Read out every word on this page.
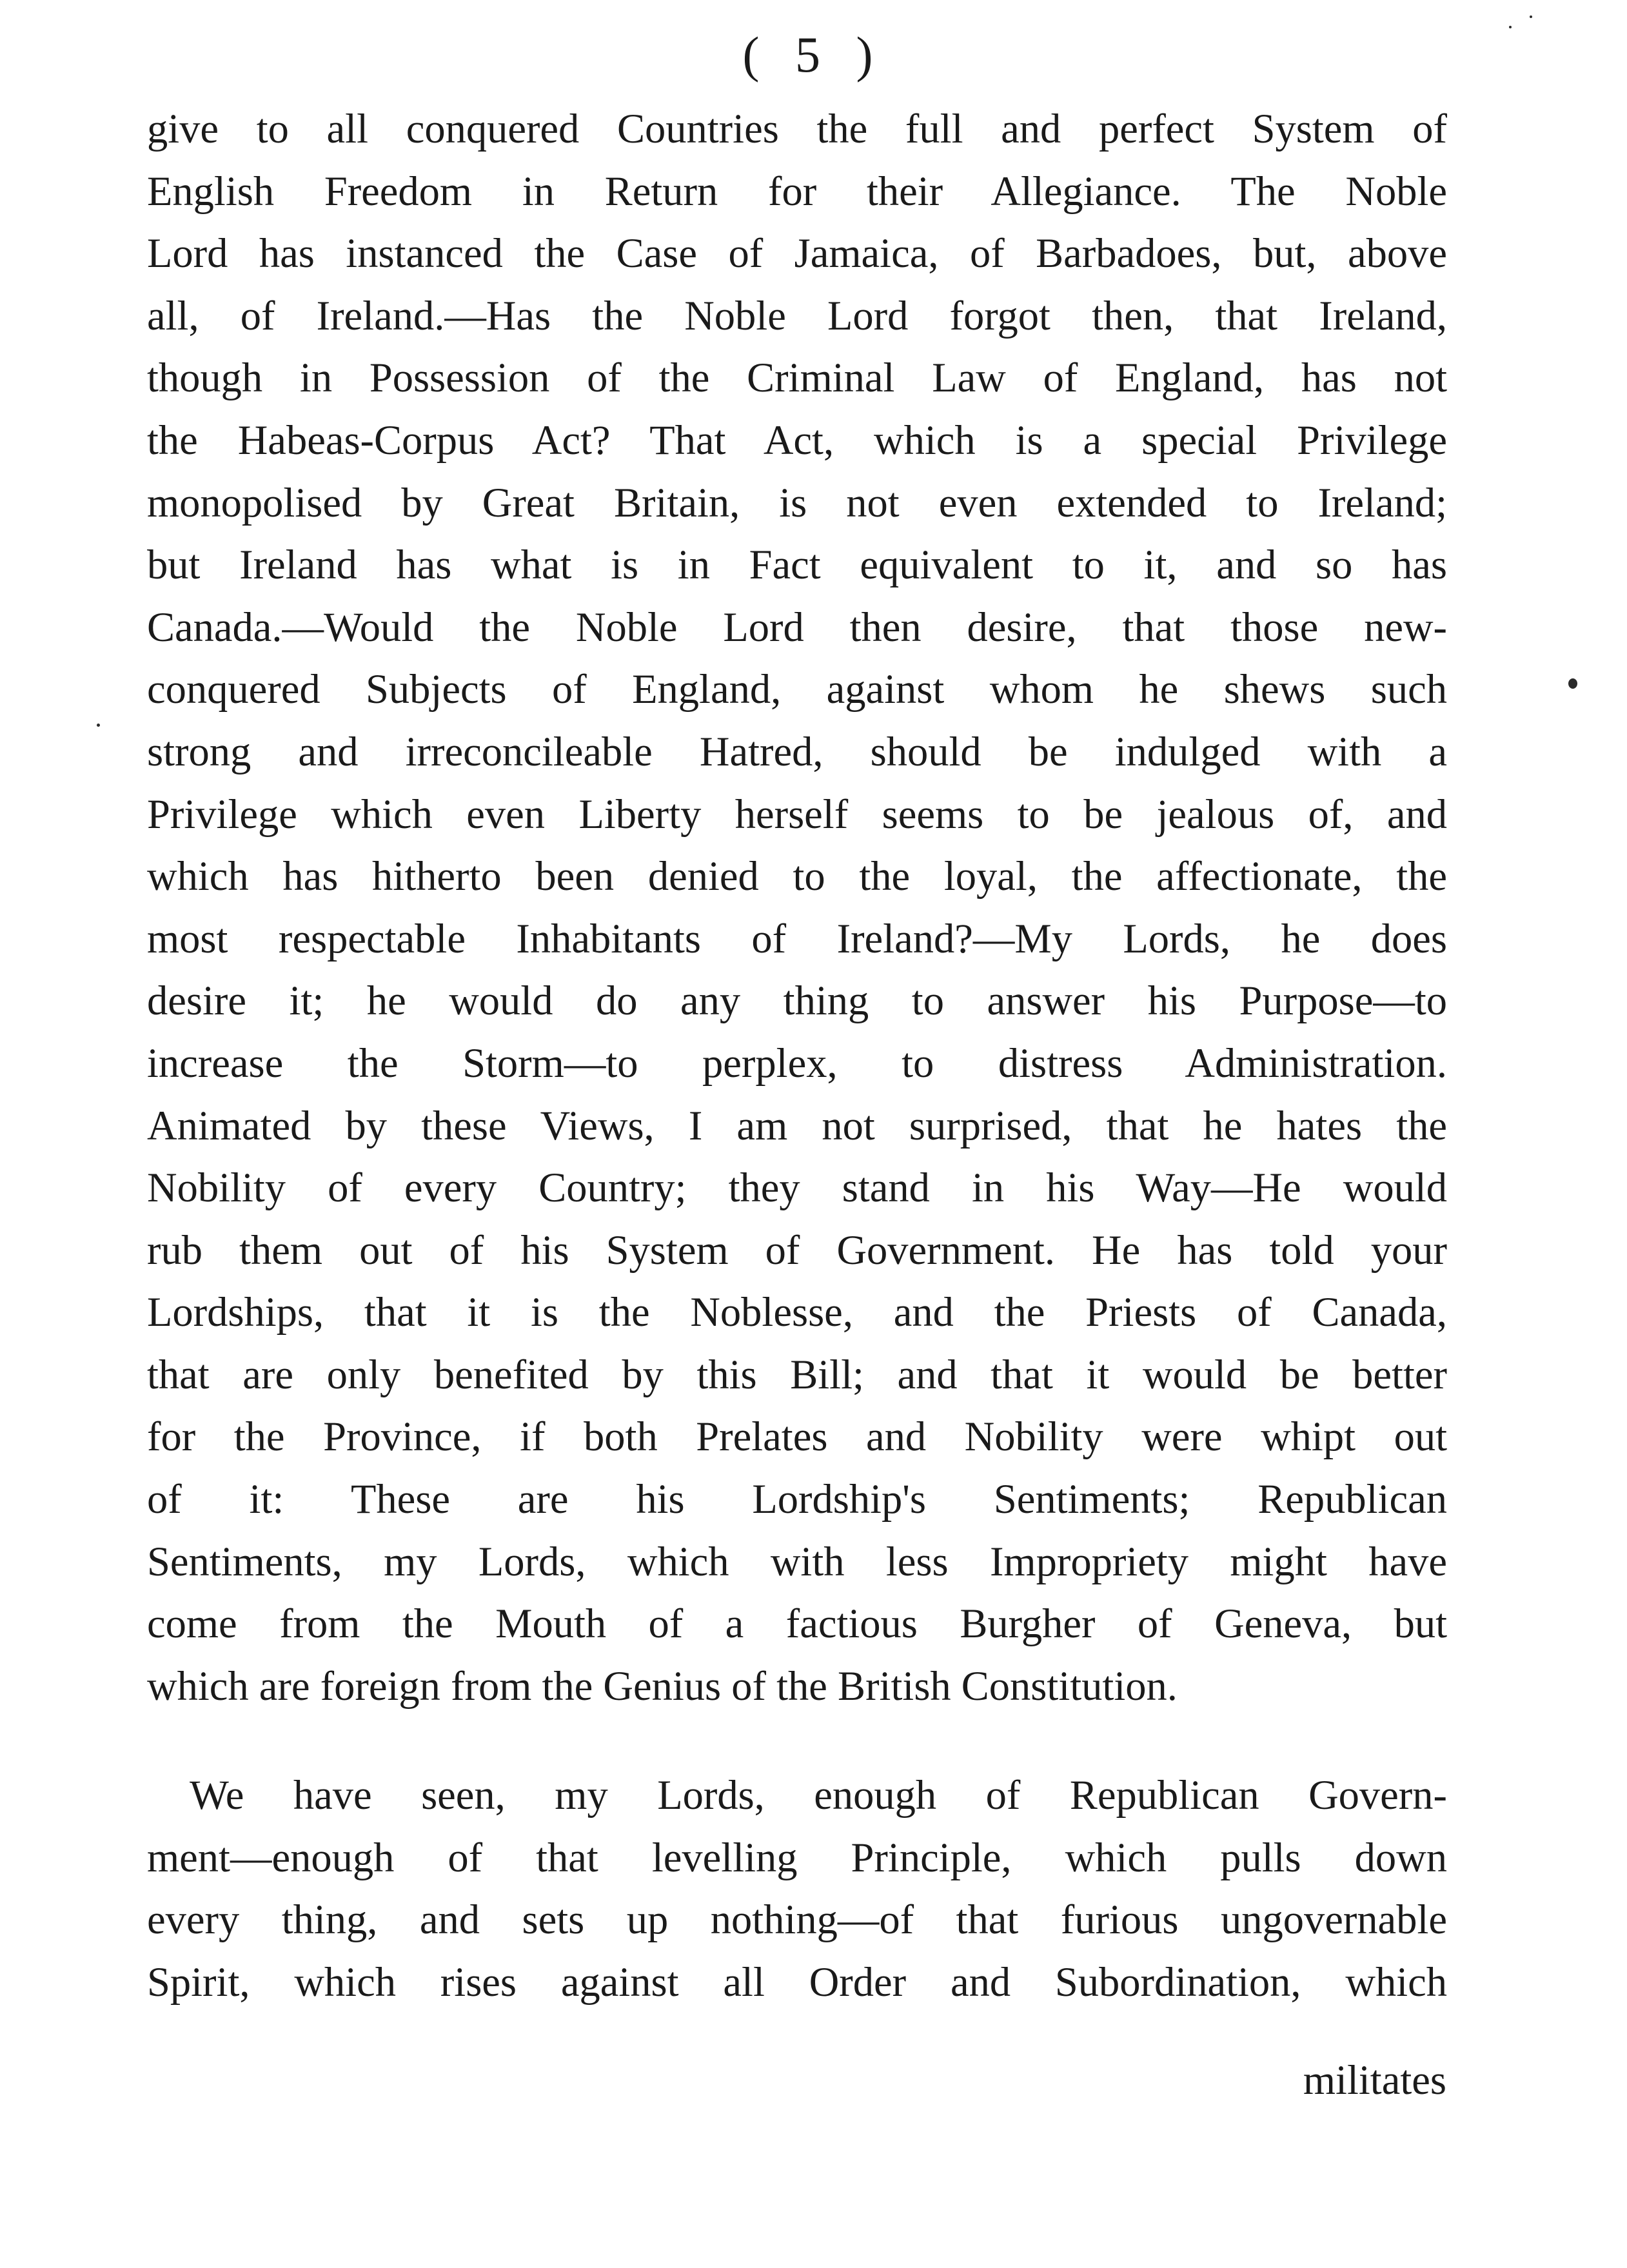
( 5 )
give to all conquered Countries the full and perfect System of
English Freedom in Return for their Allegiance. The Noble
Lord has instanced the Case of Jamaica, of Barbadoes, but, above
all, of Ireland.—Has the Noble Lord forgot then, that Ireland,
though in Possession of the Criminal Law of England, has not
the Habeas-Corpus Act? That Act, which is a special Privilege
monopolised by Great Britain, is not even extended to Ireland;
but Ireland has what is in Fact equivalent to it, and so has
Canada.—Would the Noble Lord then desire, that those new-
conquered Subjects of England, against whom he shews such
strong and irreconcileable Hatred, should be indulged with a
Privilege which even Liberty herself seems to be jealous of, and
which has hitherto been denied to the loyal, the affectionate, the
most respectable Inhabitants of Ireland?—My Lords, he does
desire it; he would do any thing to answer his Purpose—to
increase the Storm—to perplex, to distress Administration.
Animated by these Views, I am not surprised, that he hates the
Nobility of every Country; they stand in his Way—He would
rub them out of his System of Government. He has told your
Lordships, that it is the Noblesse, and the Priests of Canada,
that are only benefited by this Bill; and that it would be better
for the Province, if both Prelates and Nobility were whipt out
of it: These are his Lordship's Sentiments; Republican
Sentiments, my Lords, which with less Impropriety might have
come from the Mouth of a factious Burgher of Geneva, but
which are foreign from the Genius of the British Constitution.
We have seen, my Lords, enough of Republican Govern-
ment—enough of that levelling Principle, which pulls down
every thing, and sets up nothing—of that furious ungovernable
Spirit, which rises against all Order and Subordination, which
militates
